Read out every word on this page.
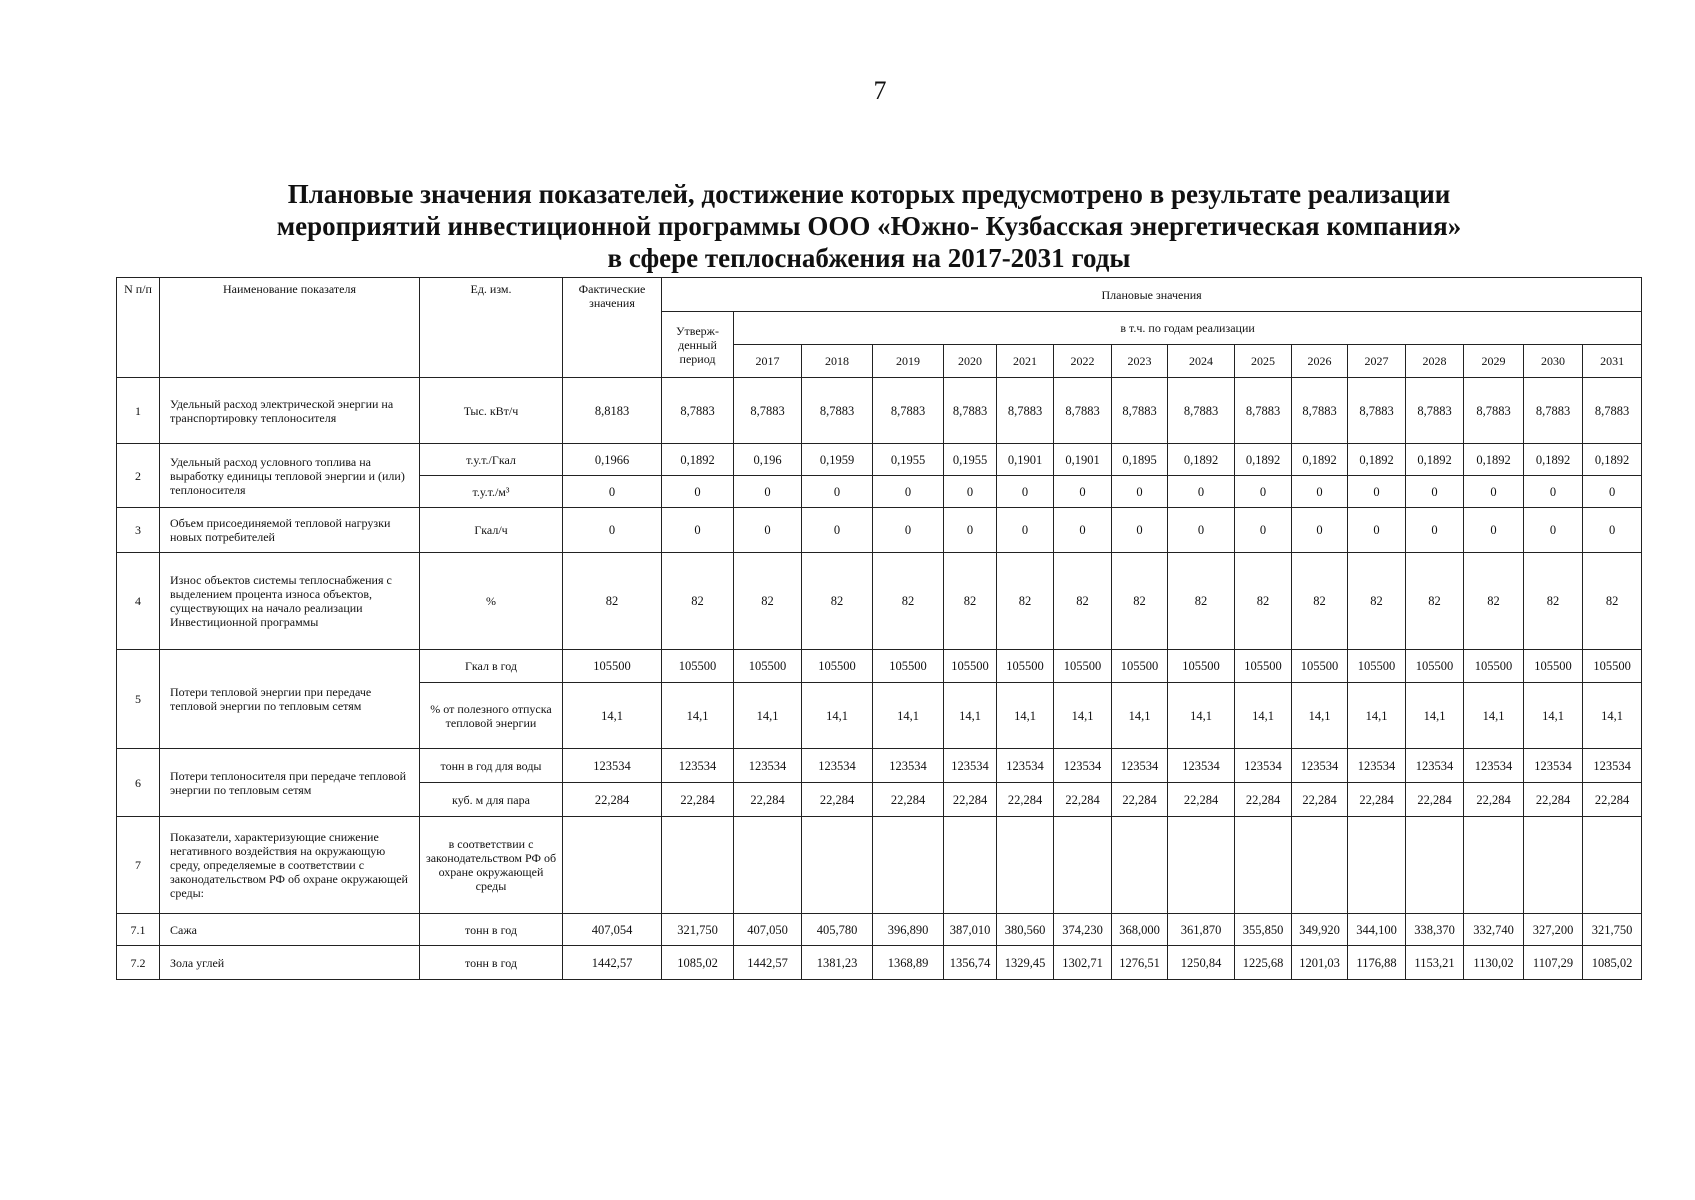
7
Плановые значения показателей, достижение которых предусмотрено в результате реализации
мероприятий инвестиционной программы ООО «Южно- Кузбасская энергетическая компания»
в сфере теплоснабжения на 2017-2031 годы
N п/п	Наименование показателя	Ед. изм.	Фактические значения	Плановые значения															
				Утверж-денный период	в т.ч. по годам реализации														
					2017	2018	2019	2020	2021	2022	2023	2024	2025	2026	2027	2028	2029	2030	2031
1	Удельный расход электрической энергии на транспортировку теплоносителя	Тыс. кВт/ч	8,8183	8,7883	8,7883	8,7883	8,7883	8,7883	8,7883	8,7883	8,7883	8,7883	8,7883	8,7883	8,7883	8,7883	8,7883	8,7883	8,7883
2	Удельный расход условного топлива на выработку единицы тепловой энергии и (или) теплоносителя	т.у.т./Гкал	0,1966	0,1892	0,196	0,1959	0,1955	0,1955	0,1901	0,1901	0,1895	0,1892	0,1892	0,1892	0,1892	0,1892	0,1892	0,1892	0,1892
		т.у.т./м³	0	0	0	0	0	0	0	0	0	0	0	0	0	0	0	0	0
3	Объем присоединяемой тепловой нагрузки новых потребителей	Гкал/ч	0	0	0	0	0	0	0	0	0	0	0	0	0	0	0	0	0
4	Износ объектов системы теплоснабжения с выделением процента износа объектов, существующих на начало реализации Инвестиционной программы	%	82	82	82	82	82	82	82	82	82	82	82	82	82	82	82	82	82
5	Потери тепловой энергии при передаче тепловой энергии по тепловым сетям	Гкал в год	105500	105500	105500	105500	105500	105500	105500	105500	105500	105500	105500	105500	105500	105500	105500	105500	105500
		% от полезного отпуска тепловой энергии	14,1	14,1	14,1	14,1	14,1	14,1	14,1	14,1	14,1	14,1	14,1	14,1	14,1	14,1	14,1	14,1	14,1
6	Потери теплоносителя при передаче тепловой энергии по тепловым сетям	тонн в год для воды	123534	123534	123534	123534	123534	123534	123534	123534	123534	123534	123534	123534	123534	123534	123534	123534	123534
		куб. м для пара	22,284	22,284	22,284	22,284	22,284	22,284	22,284	22,284	22,284	22,284	22,284	22,284	22,284	22,284	22,284	22,284	22,284
7	Показатели, характеризующие снижение негативного воздействия на окружающую среду, определяемые в соответствии с законодательством РФ об охране окружающей среды:	в соответствии с законодательством РФ об охране окружающей среды																	
7.1	Сажа	тонн в год	407,054	321,750	407,050	405,780	396,890	387,010	380,560	374,230	368,000	361,870	355,850	349,920	344,100	338,370	332,740	327,200	321,750
7.2	Зола углей	тонн в год	1442,57	1085,02	1442,57	1381,23	1368,89	1356,74	1329,45	1302,71	1276,51	1250,84	1225,68	1201,03	1176,88	1153,21	1130,02	1107,29	1085,02
